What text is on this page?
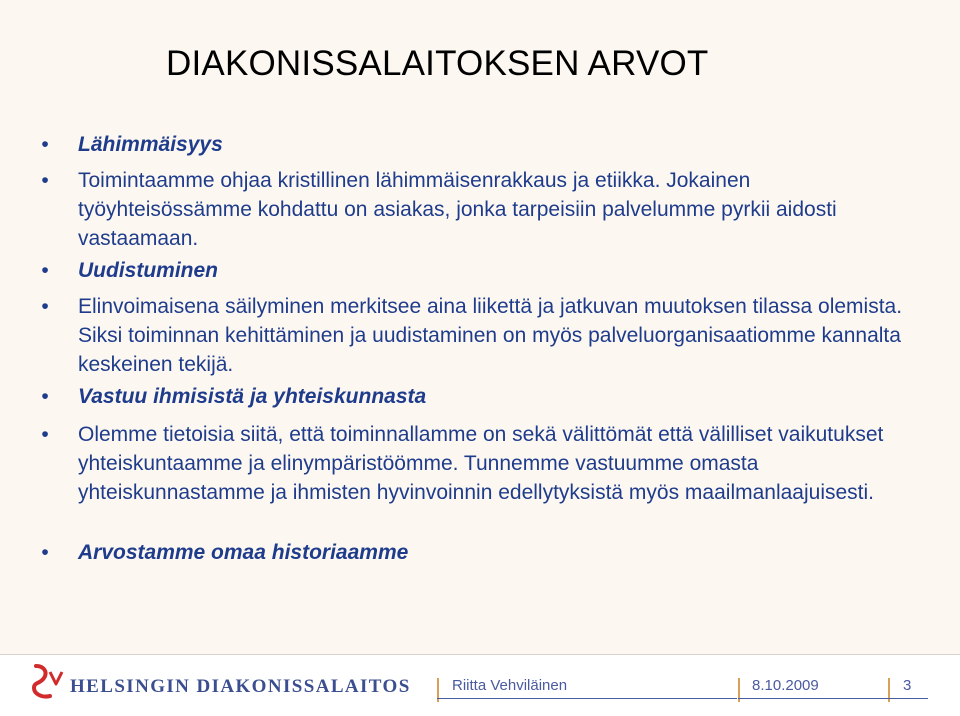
DIAKONISSALAITOKSEN ARVOT
• Lähimmäisyys
• Toimintaamme ohjaa kristillinen lähimmäisenrakkaus ja etiikka. Jokainen työyhteisössämme kohdattu on asiakas, jonka tarpeisiin palvelumme pyrkii aidosti vastaamaan.
• Uudistuminen
• Elinvoimaisena säilyminen merkitsee aina liikettä ja jatkuvan muutoksen tilassa olemista. Siksi toiminnan kehittäminen ja uudistaminen on myös palveluorganisaatiomme kannalta keskeinen tekijä.
• Vastuu ihmisistä ja yhteiskunnasta
• Olemme tietoisia siitä, että toiminnallamme on sekä välittömät että välilliset vaikutukset yhteiskuntaamme ja elinympäristöömme. Tunnemme vastuumme omasta yhteiskunnastamme ja ihmisten hyvinvoinnin edellytyksistä myös maailmanlaajuisesti.
• Arvostamme omaa historiaamme
HELSINGIN DIAKONISSALAITOS	Riitta Vehviläinen	8.10.2009	3
